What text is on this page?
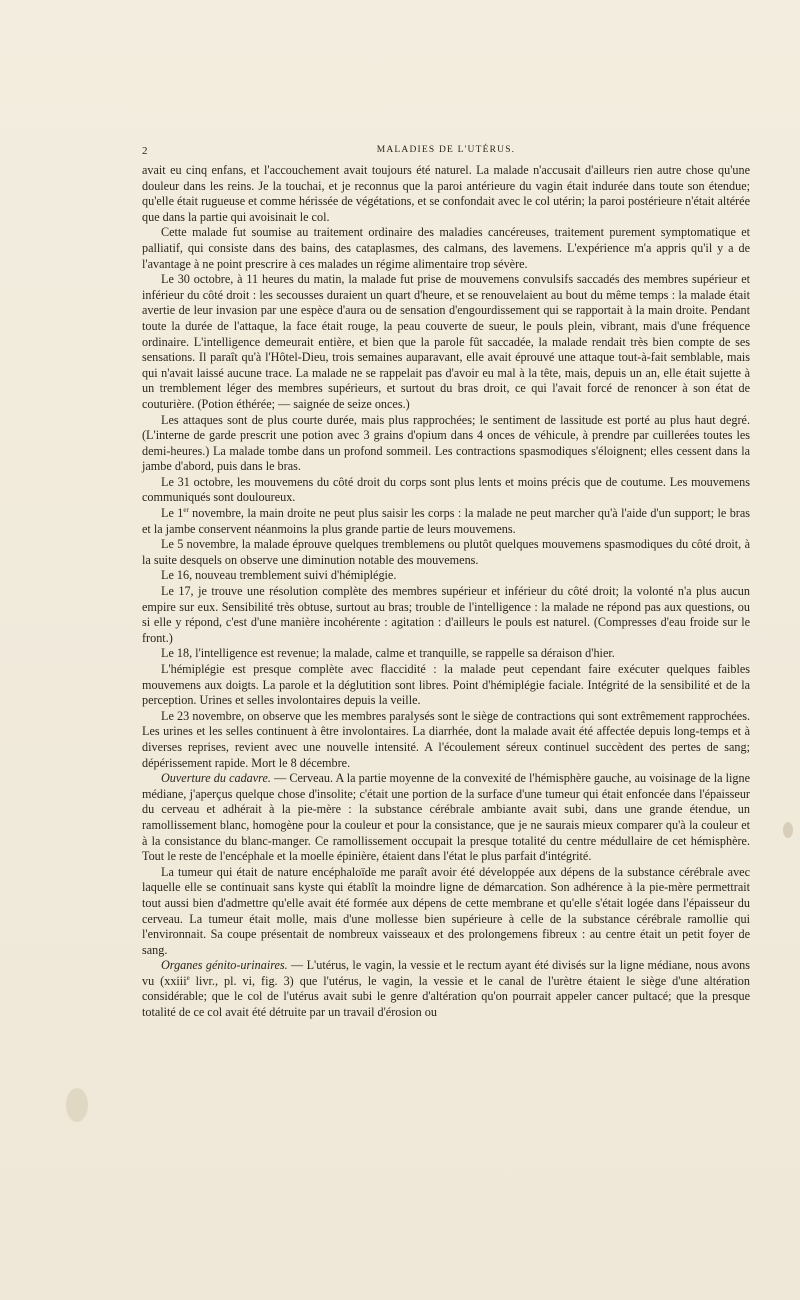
2	MALADIES DE L'UTÉRUS.

avait eu cinq enfans, et l'accouchement avait toujours été naturel. La malade n'accusait d'ailleurs rien autre chose qu'une douleur dans les reins. Je la touchai, et je reconnus que la paroi antérieure du vagin était indurée dans toute son étendue; qu'elle était rugueuse et comme hérissée de végétations, et se confondait avec le col utérin; la paroi postérieure n'était altérée que dans la partie qui avoisinait le col.

Cette malade fut soumise au traitement ordinaire des maladies cancéreuses, traitement purement symptomatique et palliatif, qui consiste dans des bains, des cataplasmes, des calmans, des lavemens. L'expérience m'a appris qu'il y a de l'avantage à ne point prescrire à ces malades un régime alimentaire trop sévère.

Le 30 octobre, à 11 heures du matin, la malade fut prise de mouvemens convulsifs saccadés des membres supérieur et inférieur du côté droit : les secousses duraient un quart d'heure, et se renouvelaient au bout du même temps : la malade était avertie de leur invasion par une espèce d'aura ou de sensation d'engourdissement qui se rapportait à la main droite. Pendant toute la durée de l'attaque, la face était rouge, la peau couverte de sueur, le pouls plein, vibrant, mais d'une fréquence ordinaire. L'intelligence demeurait entière, et bien que la parole fût saccadée, la malade rendait très bien compte de ses sensations. Il paraît qu'à l'Hôtel-Dieu, trois semaines auparavant, elle avait éprouvé une attaque tout-à-fait semblable, mais qui n'avait laissé aucune trace. La malade ne se rappelait pas d'avoir eu mal à la tête, mais, depuis un an, elle était sujette à un tremblement léger des membres supérieurs, et surtout du bras droit, ce qui l'avait forcé de renoncer à son état de couturière. (Potion éthérée; — saignée de seize onces.)

Les attaques sont de plus courte durée, mais plus rapprochées; le sentiment de lassitude est porté au plus haut degré. (L'interne de garde prescrit une potion avec 3 grains d'opium dans 4 onces de véhicule, à prendre par cuillerées toutes les demi-heures.) La malade tombe dans un profond sommeil. Les contractions spasmodiques s'éloignent; elles cessent dans la jambe d'abord, puis dans le bras.

Le 31 octobre, les mouvemens du côté droit du corps sont plus lents et moins précis que de coutume. Les mouvemens communiqués sont douloureux.

Le 1er novembre, la main droite ne peut plus saisir les corps : la malade ne peut marcher qu'à l'aide d'un support; le bras et la jambe conservent néanmoins la plus grande partie de leurs mouvemens.

Le 5 novembre, la malade éprouve quelques tremblemens ou plutôt quelques mouvemens spasmodiques du côté droit, à la suite desquels on observe une diminution notable des mouvemens.

Le 16, nouveau tremblement suivi d'hémiplégie.

Le 17, je trouve une résolution complète des membres supérieur et inférieur du côté droit; la volonté n'a plus aucun empire sur eux. Sensibilité très obtuse, surtout au bras; trouble de l'intelligence : la malade ne répond pas aux questions, ou si elle y répond, c'est d'une manière incohérente : agitation : d'ailleurs le pouls est naturel. (Compresses d'eau froide sur le front.)

Le 18, l'intelligence est revenue; la malade, calme et tranquille, se rappelle sa déraison d'hier.

L'hémiplégie est presque complète avec flaccidité : la malade peut cependant faire exécuter quelques faibles mouvemens aux doigts. La parole et la déglutition sont libres. Point d'hémiplégie faciale. Intégrité de la sensibilité et de la perception. Urines et selles involontaires depuis la veille.

Le 23 novembre, on observe que les membres paralysés sont le siège de contractions qui sont extrêmement rapprochées. Les urines et les selles continuent à être involontaires. La diarrhée, dont la malade avait été affectée depuis long-temps et à diverses reprises, revient avec une nouvelle intensité. A l'écoulement séreux continuel succèdent des pertes de sang; dépérissement rapide. Mort le 8 décembre.

Ouverture du cadavre. — Cerveau. A la partie moyenne de la convexité de l'hémisphère gauche, au voisinage de la ligne médiane, j'aperçus quelque chose d'insolite; c'était une portion de la surface d'une tumeur qui était enfoncée dans l'épaisseur du cerveau et adhérait à la pie-mère : la substance cérébrale ambiante avait subi, dans une grande étendue, un ramollissement blanc, homogène pour la couleur et pour la consistance, que je ne saurais mieux comparer qu'à la couleur et à la consistance du blanc-manger. Ce ramollissement occupait la presque totalité du centre médullaire de cet hémisphère. Tout le reste de l'encéphale et la moelle épinière, étaient dans l'état le plus parfait d'intégrité.

La tumeur qui était de nature encéphaloïde me paraît avoir été développée aux dépens de la substance cérébrale avec laquelle elle se continuait sans kyste qui établît la moindre ligne de démarcation. Son adhérence à la pie-mère permettrait tout aussi bien d'admettre qu'elle avait été formée aux dépens de cette membrane et qu'elle s'était logée dans l'épaisseur du cerveau. La tumeur était molle, mais d'une mollesse bien supérieure à celle de la substance cérébrale ramollie qui l'environnait. Sa coupe présentait de nombreux vaisseaux et des prolongemens fibreux : au centre était un petit foyer de sang.

Organes génito-urinaires. — L'utérus, le vagin, la vessie et le rectum ayant été divisés sur la ligne médiane, nous avons vu (xxiii$^e$ livr., pl. vi, fig. 3) que l'utérus, le vagin, la vessie et le canal de l'urètre étaient le siège d'une altération considérable; que le col de l'utérus avait subi le genre d'altération qu'on pourrait appeler cancer pultacé; que la presque totalité de ce col avait été détruite par un travail d'érosion ou
